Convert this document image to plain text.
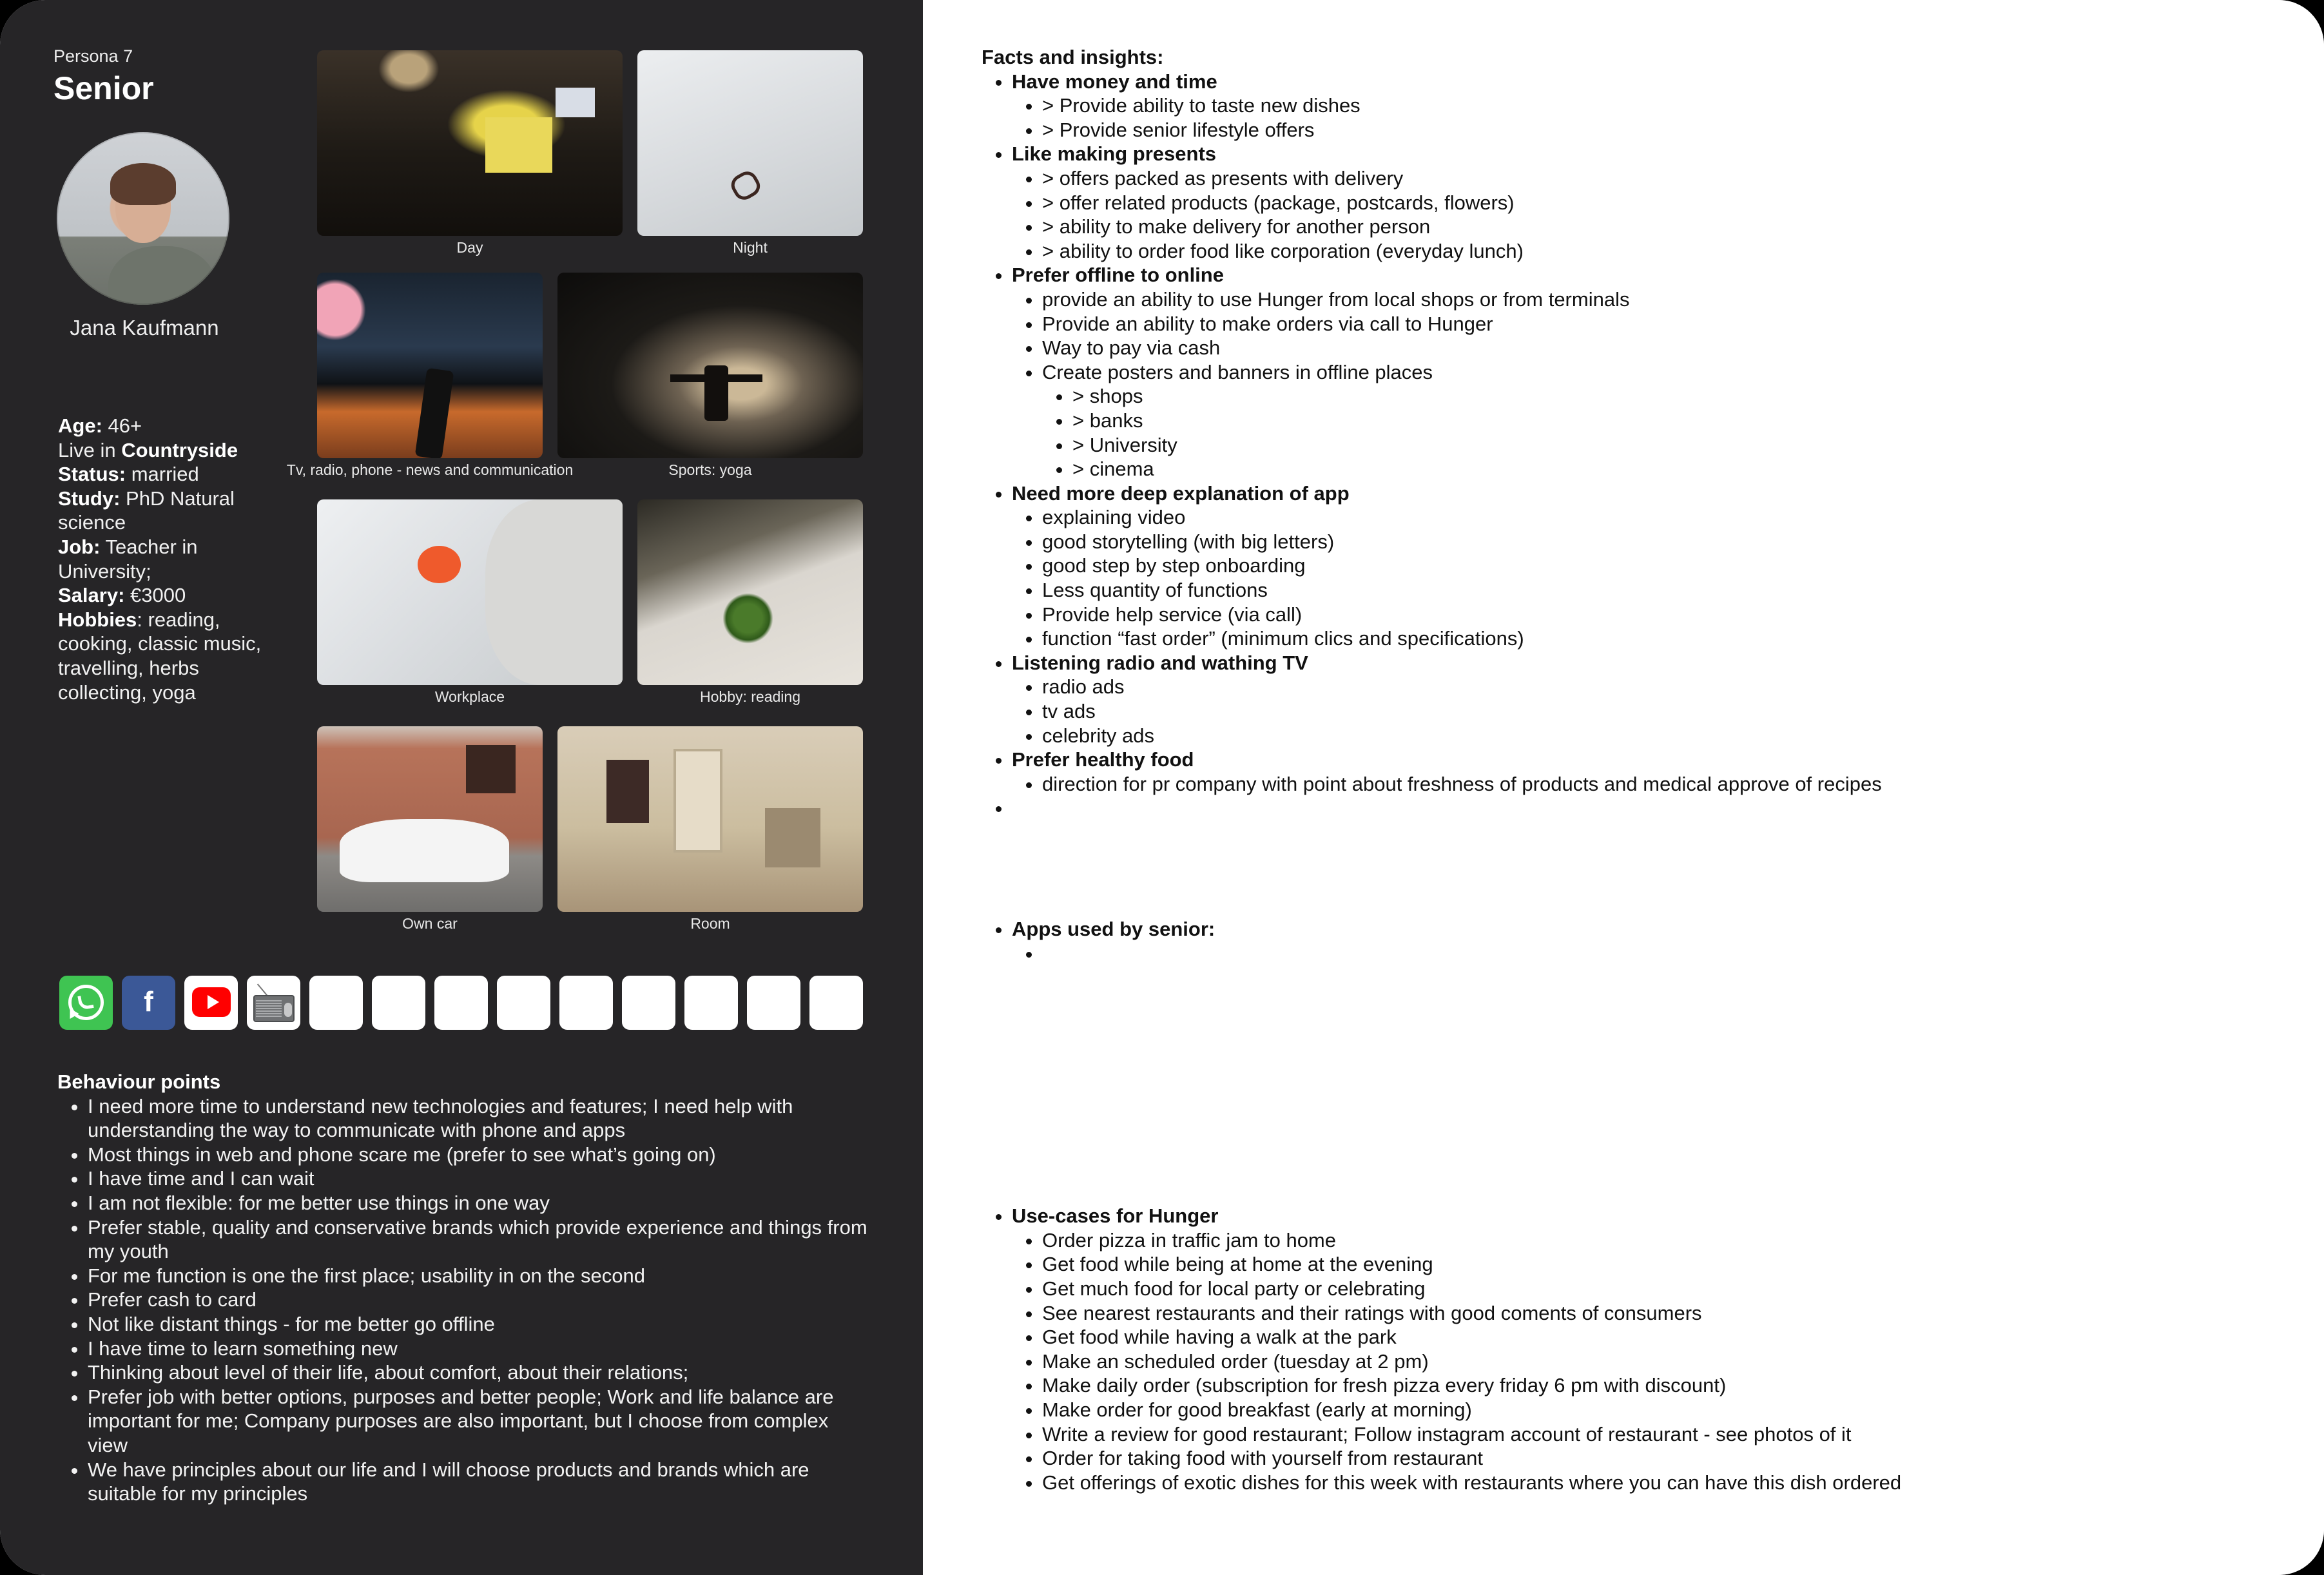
Persona 7
Senior
Jana Kaufmann
Age: 46+
Live in Countryside
Status: married
Study: PhD Natural science
Job: Teacher in University;
Salary: €3000
Hobbies: reading, cooking, classic music, travelling, herbs collecting, yoga
Day	Night
Tv, radio, phone - news and communication	Sports: yoga
Workplace	Hobby: reading
Own car	Room
f
Behaviour points
• I need more time to understand new technologies and features; I need help with understanding the way to communicate with phone and apps
• Most things in web and phone scare me (prefer to see what’s going on)
• I have time and I can wait
• I am not flexible: for me better use things in one way
• Prefer stable, quality and conservative brands which provide experience and things from my youth
• For me function is one the first place; usability in on the second
• Prefer cash to card
• Not like distant things - for me better go offline
• I have time to learn something new
• Thinking about level of their life, about comfort, about their relations;
• Prefer job with better options, purposes and better people; Work and life balance are important for me; Company purposes are also important, but I choose from complex view
• We have principles about our life and I will choose products and brands which are suitable for my principles
Facts and insights:
• Have money and time
• > Provide ability to taste new dishes
• > Provide senior lifestyle offers
• Like making presents
• > offers packed as presents with delivery
• > offer related products (package, postcards, flowers)
• > ability to make delivery for another person
• > ability to order food like corporation (everyday lunch)
• Prefer offline to online
• provide an ability to use Hunger from local shops or from terminals
• Provide an ability to make orders via call to Hunger
• Way to pay via cash
• Create posters and banners in offline places
• > shops
• > banks
• > University
• > cinema
• Need more deep explanation of app
• explaining video
• good storytelling (with big letters)
• good step by step onboarding
• Less quantity of functions
• Provide help service (via call)
• function “fast order” (minimum clics and specifications)
• Listening radio and wathing TV
• radio ads
• tv ads
• celebrity ads
• Prefer healthy food
• direction for pr company with point about freshness of products and medical approve of recipes
•
• Apps used by senior:
•
• Use-cases for Hunger
• Order pizza in traffic jam to home
• Get food while being at home at the evening
• Get much food for local party or celebrating
• See nearest restaurants and their ratings with good coments of consumers
• Get food while having a walk at the park
• Make an scheduled order (tuesday at 2 pm)
• Make daily order (subscription for fresh pizza every friday 6 pm with discount)
• Make order for good breakfast (early at morning)
• Write a review for good restaurant; Follow instagram account of restaurant - see photos of it
• Order for taking food with yourself from restaurant
• Get offerings of exotic dishes for this week with restaurants where you can have this dish ordered
